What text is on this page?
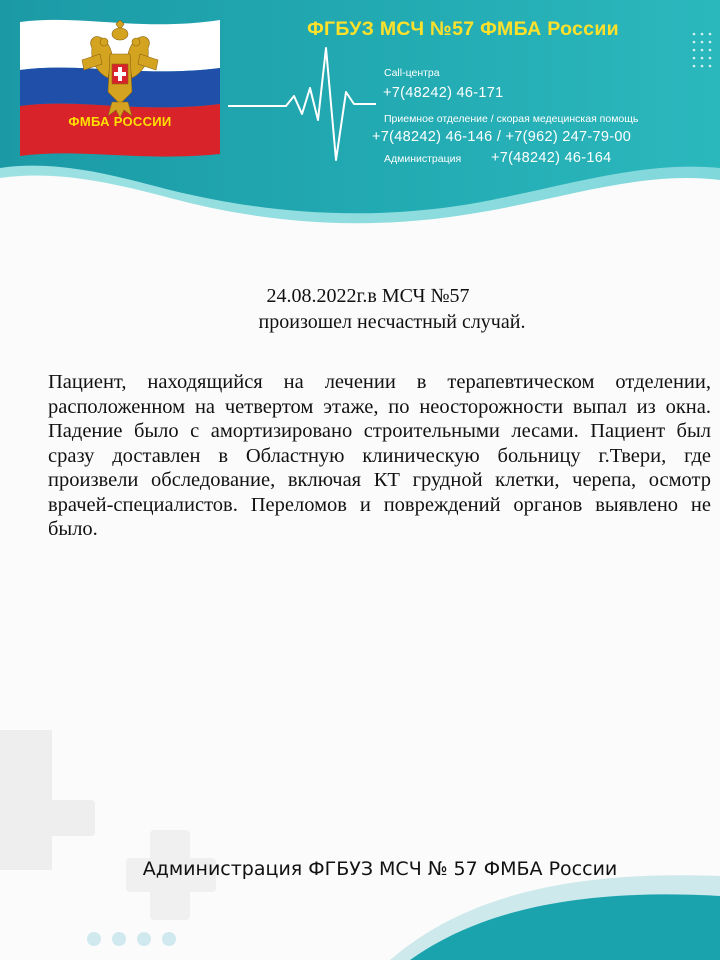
ФМБА РОССИИ
ФГБУЗ МСЧ №57 ФМБА России
Call-центра
+7(48242) 46-171
Приемное отделение / скорая медецинская помощь
+7(48242) 46-146 / +7(962) 247-79-00
Администрация +7(48242) 46-164
24.08.2022г.в МСЧ №57
произошел несчастный случай.
Пациент, находящийся на лечении в терапевтическом отделении, расположенном на четвертом этаже, по неосторожности выпал из окна. Падение было с амортизировано строительными лесами. Пациент был сразу доставлен в Областную клиническую больницу г.Твери, где произвели обследование, включая КТ грудной клетки, черепа, осмотр врачей-специалистов. Переломов и повреждений органов выявлено не было.
Администрация ФГБУЗ МСЧ № 57 ФМБА России
